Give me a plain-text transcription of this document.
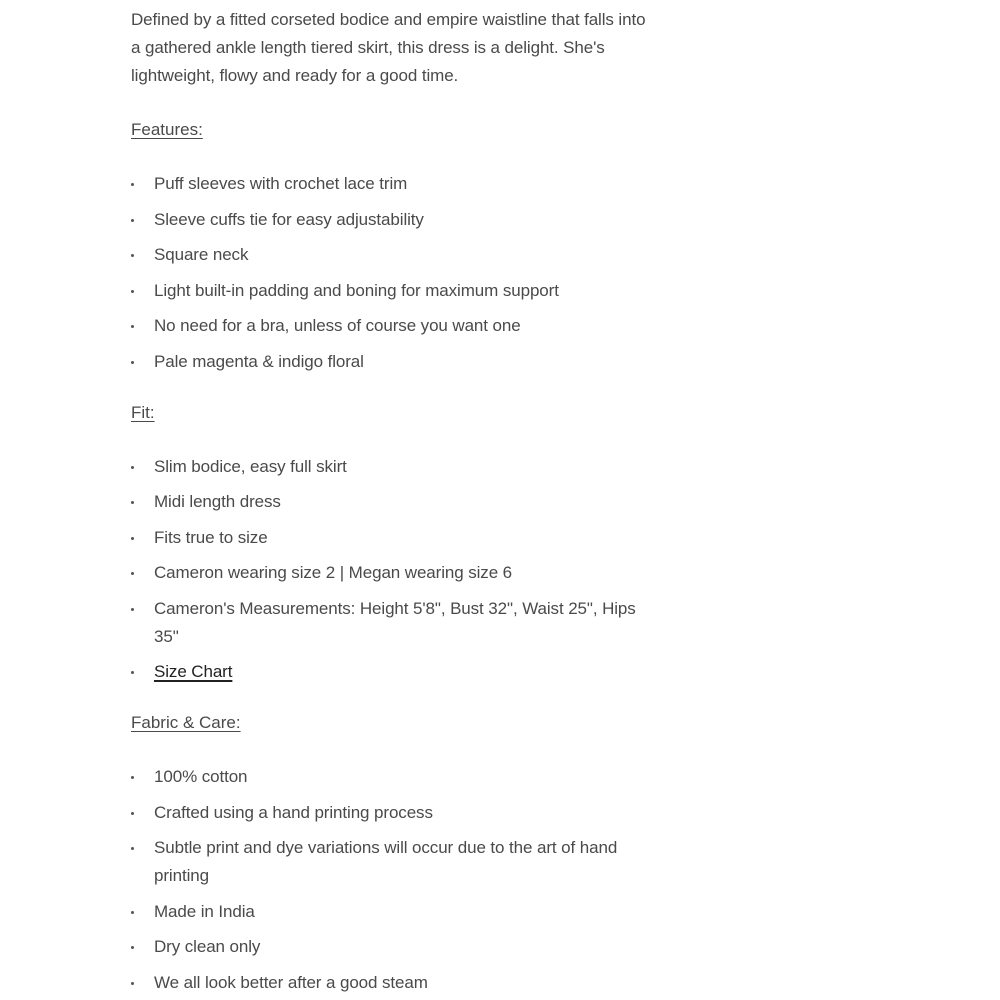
Defined by a fitted corseted bodice and empire waistline that falls into a gathered ankle length tiered skirt, this dress is a delight. She's lightweight, flowy and ready for a good time.

Features:
Puff sleeves with crochet lace trim
Sleeve cuffs tie for easy adjustability
Square neck
Light built-in padding and boning for maximum support
No need for a bra, unless of course you want one
Pale magenta & indigo floral
Fit:
Slim bodice, easy full skirt
Midi length dress
Fits true to size
Cameron wearing size 2 | Megan wearing size 6
Cameron's Measurements: Height 5'8", Bust 32", Waist 25", Hips 35"
Size Chart
Fabric & Care:
100% cotton
Crafted using a hand printing process
Subtle print and dye variations will occur due to the art of hand printing
Made in India
Dry clean only
We all look better after a good steam
